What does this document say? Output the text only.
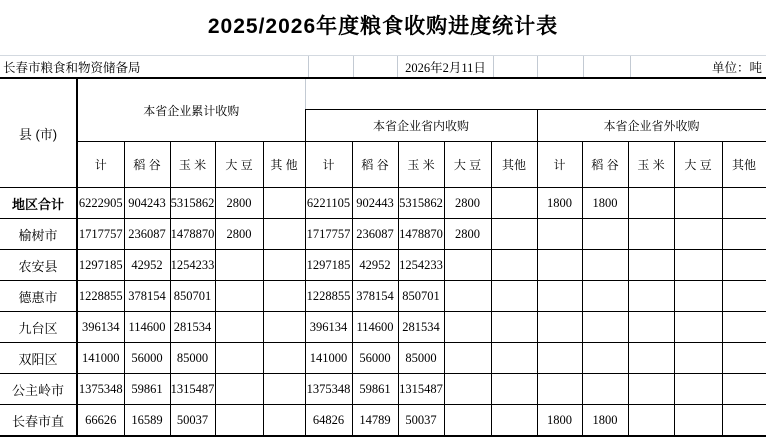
2025/2026年度粮食收购进度统计表
长春市粮食和物资储备局	2026年2月11日	单位：吨
县 (市)	本省企业累计收购														
						本省企业省内收购					本省企业省外收购				
	计	稻 谷	玉 米	大 豆	其 他	计	稻 谷	玉 米	大 豆	其他	计	稻 谷	玉 米	大 豆	其他
地区合计	6222905	904243	5315862	2800		6221105	902443	5315862	2800		1800	1800			
榆树市	1717757	236087	1478870	2800		1717757	236087	1478870	2800						
农安县	1297185	42952	1254233			1297185	42952	1254233							
德惠市	1228855	378154	850701			1228855	378154	850701							
九台区	396134	114600	281534			396134	114600	281534							
双阳区	141000	56000	85000			141000	56000	85000							
公主岭市	1375348	59861	1315487			1375348	59861	1315487							
长春市直	66626	16589	50037			64826	14789	50037			1800	1800			
